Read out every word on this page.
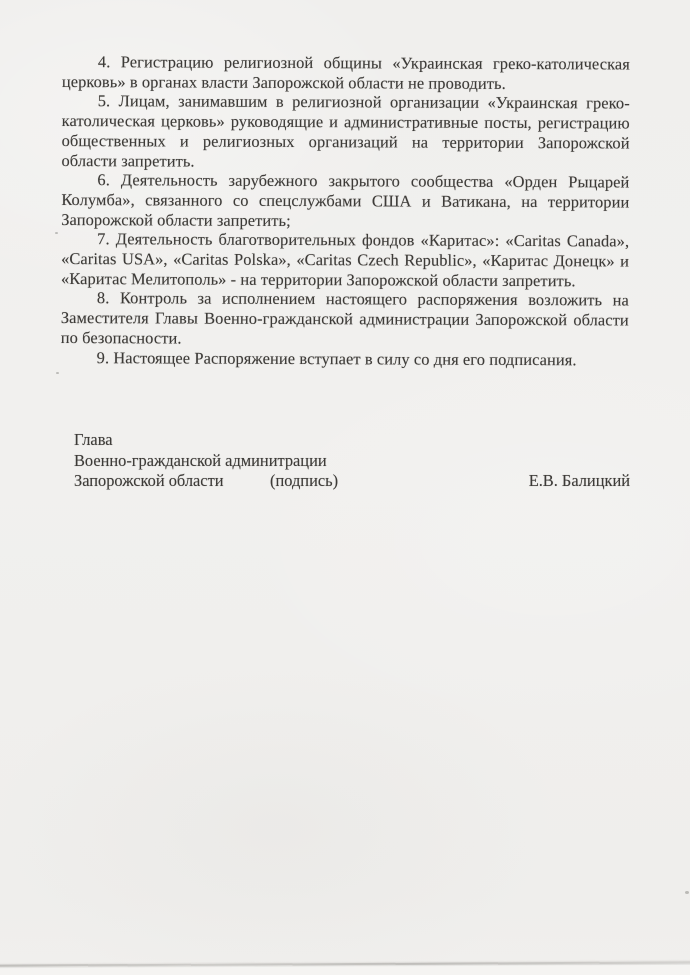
4. Регистрацию религиозной общины «Украинская греко-католическая церковь» в органах власти Запорожской области не проводить.

5. Лицам, занимавшим в религиозной организации «Украинская греко-католическая церковь» руководящие и административные посты, регистрацию общественных и религиозных организаций на территории Запорожской области запретить.

6. Деятельность зарубежного закрытого сообщества «Орден Рыцарей Колумба», связанного со спецслужбами США и Ватикана, на территории Запорожской области запретить;

7. Деятельность благотворительных фондов «Каритас»: «Caritas Canada», «Caritas USA», «Caritas Polska», «Caritas Czech Republic», «Каритас Донецк» и «Каритас Мелитополь» - на территории Запорожской области запретить.

8. Контроль за исполнением настоящего распоряжения возложить на Заместителя Главы Военно-гражданской администрации Запорожской области по безопасности.

9. Настоящее Распоряжение вступает в силу со дня его подписания.

Глава
Военно-гражданской админитрации
Запорожской области	(подпись)	Е.В. Балицкий
